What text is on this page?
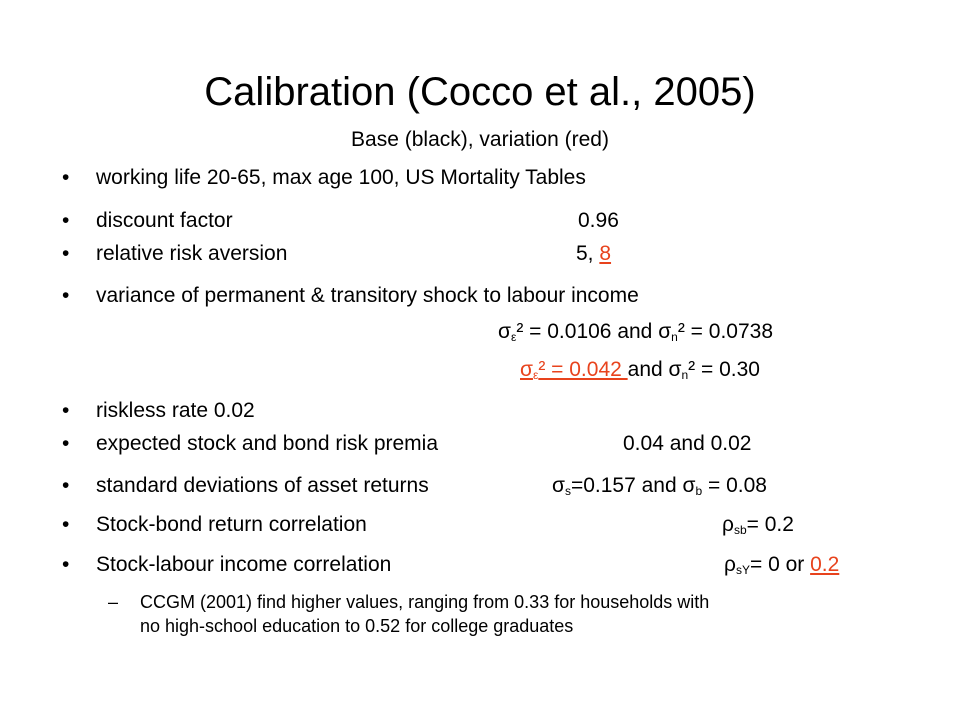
Calibration (Cocco et al., 2005)
Base (black), variation (red)
• working life 20-65, max age 100, US Mortality Tables
• discount factor	0.96
• relative risk aversion	5, 8
• variance of permanent & transitory shock to labour income
$\sigma_\varepsilon^2 = 0.0106$ and $\sigma_n^2 = 0.0738$
$\sigma_\varepsilon^2 = 0.042$ and $\sigma_n^2 = 0.30$
• riskless rate 0.02
• expected stock and bond risk premia	0.04 and 0.02
• standard deviations of asset returns	$\sigma_s=0.157$ and $\sigma_b = 0.08$
• Stock-bond return correlation	$\rho_{sb}= 0.2$
• Stock-labour income correlation	$\rho_{sY}= 0$ or 0.2
– CCGM (2001) find higher values, ranging from 0.33 for households with
no high-school education to 0.52 for college graduates
